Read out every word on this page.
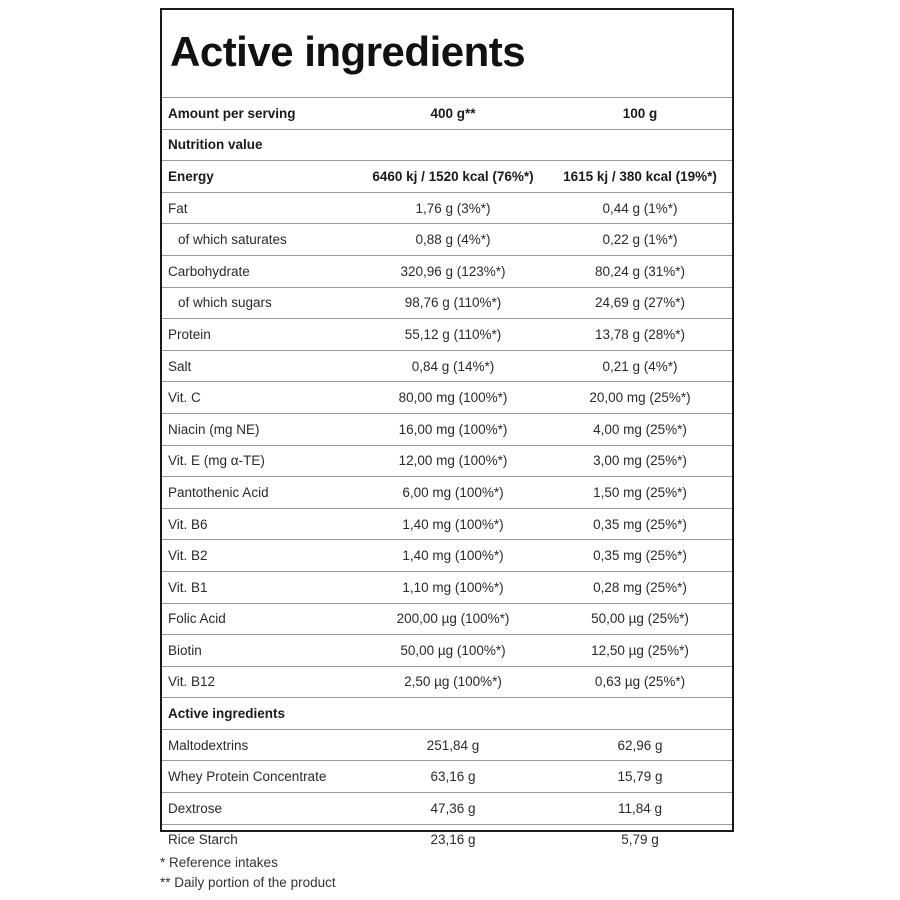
Active ingredients
Amount per serving	400 g**	100 g
Nutrition value		
Energy	6460 kj / 1520 kcal (76%*)	1615 kj / 380 kcal (19%*)
Fat	1,76 g (3%*)	0,44 g (1%*)
of which saturates	0,88 g (4%*)	0,22 g (1%*)
Carbohydrate	320,96 g (123%*)	80,24 g (31%*)
of which sugars	98,76 g (110%*)	24,69 g (27%*)
Protein	55,12 g (110%*)	13,78 g (28%*)
Salt	0,84 g (14%*)	0,21 g (4%*)
Vit. C	80,00 mg (100%*)	20,00 mg (25%*)
Niacin (mg NE)	16,00 mg (100%*)	4,00 mg (25%*)
Vit. E (mg α-TE)	12,00 mg (100%*)	3,00 mg (25%*)
Pantothenic Acid	6,00 mg (100%*)	1,50 mg (25%*)
Vit. B6	1,40 mg (100%*)	0,35 mg (25%*)
Vit. B2	1,40 mg (100%*)	0,35 mg (25%*)
Vit. B1	1,10 mg (100%*)	0,28 mg (25%*)
Folic Acid	200,00 µg (100%*)	50,00 µg (25%*)
Biotin	50,00 µg (100%*)	12,50 µg (25%*)
Vit. B12	2,50 µg (100%*)	0,63 µg (25%*)
Active ingredients		
Maltodextrins	251,84 g	62,96 g
Whey Protein Concentrate	63,16 g	15,79 g
Dextrose	47,36 g	11,84 g
Rice Starch	23,16 g	5,79 g

* Reference intakes

** Daily portion of the product
